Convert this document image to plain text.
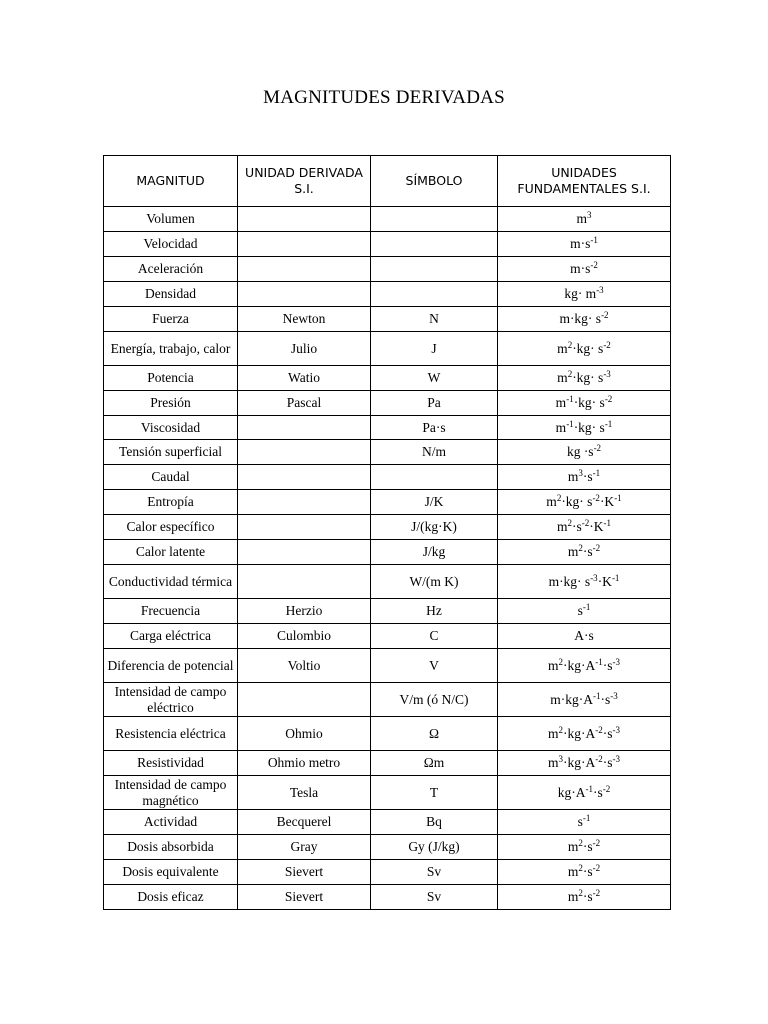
MAGNITUDES DERIVADAS
MAGNITUD	UNIDAD DERIVADA S.I.	SÍMBOLO	UNIDADES FUNDAMENTALES S.I.
Volumen			$m^3$
Velocidad			$m\cdot s^{-1}$
Aceleración			$m\cdot s^{-2}$
Densidad			$kg\cdot m^{-3}$
Fuerza	Newton	N	$m\cdot kg\cdot s^{-2}$
Energía, trabajo, calor	Julio	J	$m^2\cdot kg\cdot s^{-2}$
Potencia	Watio	W	$m^2\cdot kg\cdot s^{-3}$
Presión	Pascal	Pa	$m^{-1}\cdot kg\cdot s^{-2}$
Viscosidad		Pa·s	$m^{-1}\cdot kg\cdot s^{-1}$
Tensión superficial		N/m	kg $\cdot s^{-2}$
Caudal			$m^3\cdot s^{-1}$
Entropía		J/K	$m^2\cdot kg\cdot s^{-2}\cdot K^{-1}$
Calor específico		J/(kg·K)	$m^2\cdot s^{-2}\cdot K^{-1}$
Calor latente		J/kg	$m^2\cdot s^{-2}$
Conductividad térmica		W/(m K)	$m\cdot kg\cdot s^{-3}\cdot K^{-1}$
Frecuencia	Herzio	Hz	$s^{-1}$
Carga eléctrica	Culombio	C	A·s
Diferencia de potencial	Voltio	V	$m^2\cdot kg\cdot A^{-1}\cdot s^{-3}$
Intensidad de campo eléctrico		V/m (ó N/C)	$m\cdot kg\cdot A^{-1}\cdot s^{-3}$
Resistencia eléctrica	Ohmio	Ω	$m^2\cdot kg\cdot A^{-2}\cdot s^{-3}$
Resistividad	Ohmio metro	Ωm	$m^3\cdot kg\cdot A^{-2}\cdot s^{-3}$
Intensidad de campo magnético	Tesla	T	$kg\cdot A^{-1}\cdot s^{-2}$
Actividad	Becquerel	Bq	$s^{-1}$
Dosis absorbida	Gray	Gy (J/kg)	$m^2\cdot s^{-2}$
Dosis equivalente	Sievert	Sv	$m^2\cdot s^{-2}$
Dosis eficaz	Sievert	Sv	$m^2\cdot s^{-2}$
